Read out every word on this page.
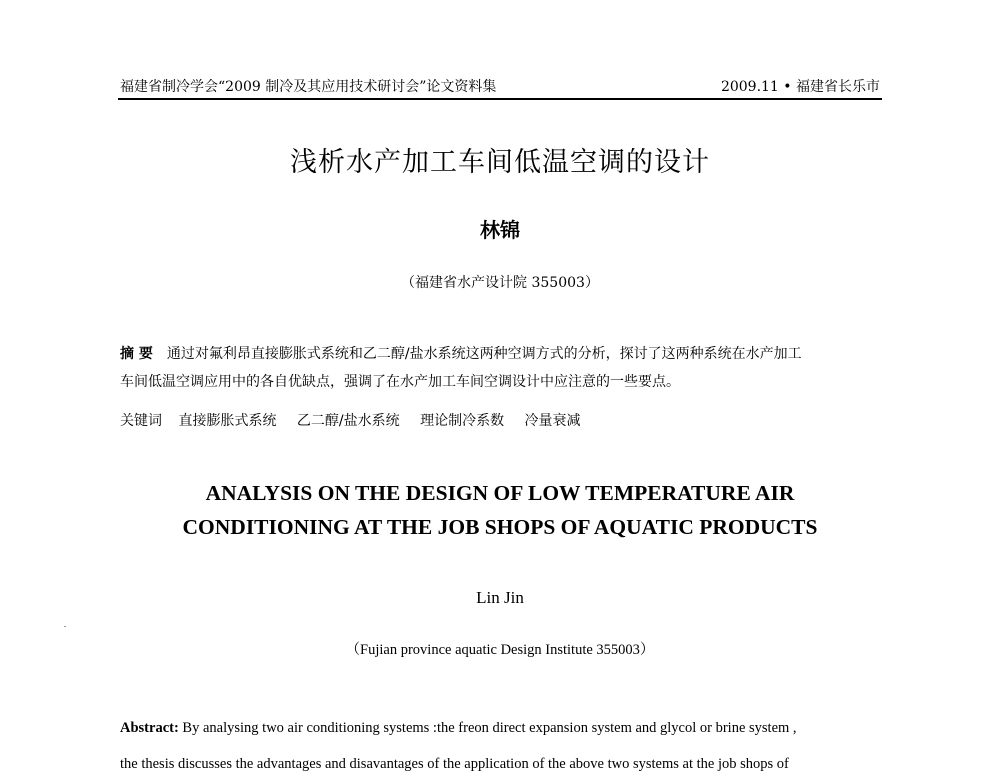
福建省制冷学会“2009 制冷及其应用技术研讨会”论文资料集	2009.11 • 福建省长乐市
浅析水产加工车间低温空调的设计
林锦
（福建省水产设计院 355003）
摘 要 通过对氟利昂直接膨胀式系统和乙二醇/盐水系统这两种空调方式的分析，探讨了这两种系统在水产加工
车间低温空调应用中的各自优缺点，强调了在水产加工车间空调设计中应注意的一些要点。
关键词 直接膨胀式系统 乙二醇/盐水系统 理论制冷系数 冷量衰减
ANALYSIS ON THE DESIGN OF LOW TEMPERATURE AIR
CONDITIONING AT THE JOB SHOPS OF AQUATIC PRODUCTS
Lin Jin
（Fujian province aquatic Design Institute 355003）
Abstract: By analysing two air conditioning systems :the freon direct expansion system and glycol or brine system ,
the thesis discusses the advantages and disavantages of the application of the above two systems at the job shops of
